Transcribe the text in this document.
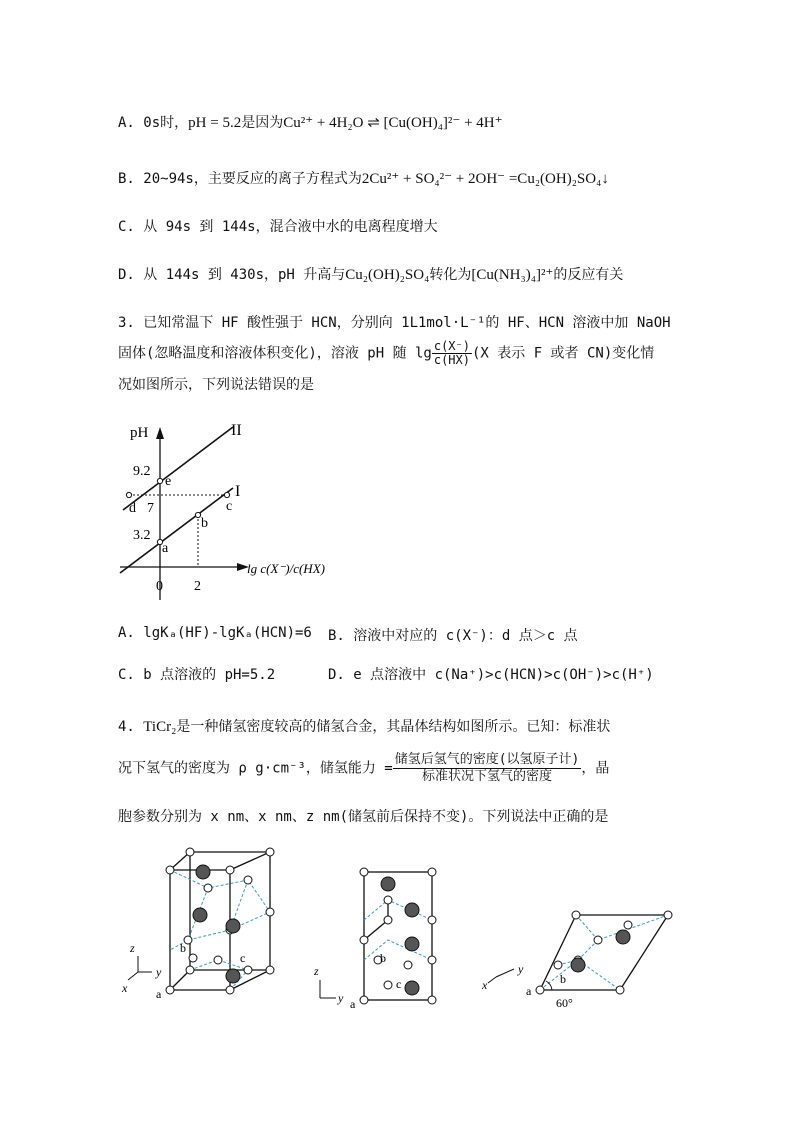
A. 0s时，pH = 5.2是因为Cu²⁺ + 4H₂O ⇌ [Cu(OH)₄]²⁻ + 4H⁺
B. 20~94s，主要反应的离子方程式为2Cu²⁺ + SO₄²⁻ + 2OH⁻ =Cu₂(OH)₂SO₄↓
C. 从 94s 到 144s，混合液中水的电离程度增大
D. 从 144s 到 430s，pH 升高与Cu₂(OH)₂SO₄转化为[Cu(NH₃)₄]²⁺的反应有关
3. 已知常温下 HF 酸性强于 HCN，分别向 1L1mol·L⁻¹的 HF、HCN 溶液中加 NaOH
固体(忽略温度和溶液体积变化)，溶液 pH 随 $\lg \frac{c(X^-)}{c(HX)} (X$ 表示 F 或者 CN)变化情
况如图所示，下列说法错误的是
pH	II
I
9.2
7
3.2
e
d	c
b
a
0 2
lg c(X⁻)/c(HX)
A. lgKₐ(HF)-lgKₐ(HCN)=6 B. 溶液中对应的 c(X⁻)：d 点＞c 点
C. b 点溶液的 pH=5.2	D. e 点溶液中 c(Na⁺)>c(HCN)>c(OH⁻)>c(H⁺)
4. TiCr₂是一种储氢密度较高的储氢合金，其晶体结构如图所示。已知：标准状
况下氢气的密度为 ρ g·cm⁻³，储氢能力 = $\frac{\text{储氢后氢气的密度(以氢原子计)}}{\text{标准状况下氢气的密度}}$ ，晶
胞参数分别为 x nm、x nm、z nm(储氢前后保持不变)。下列说法中正确的是
b
c
a
z
y
x
b
c
a
z
y
b
a
60°
y
x
